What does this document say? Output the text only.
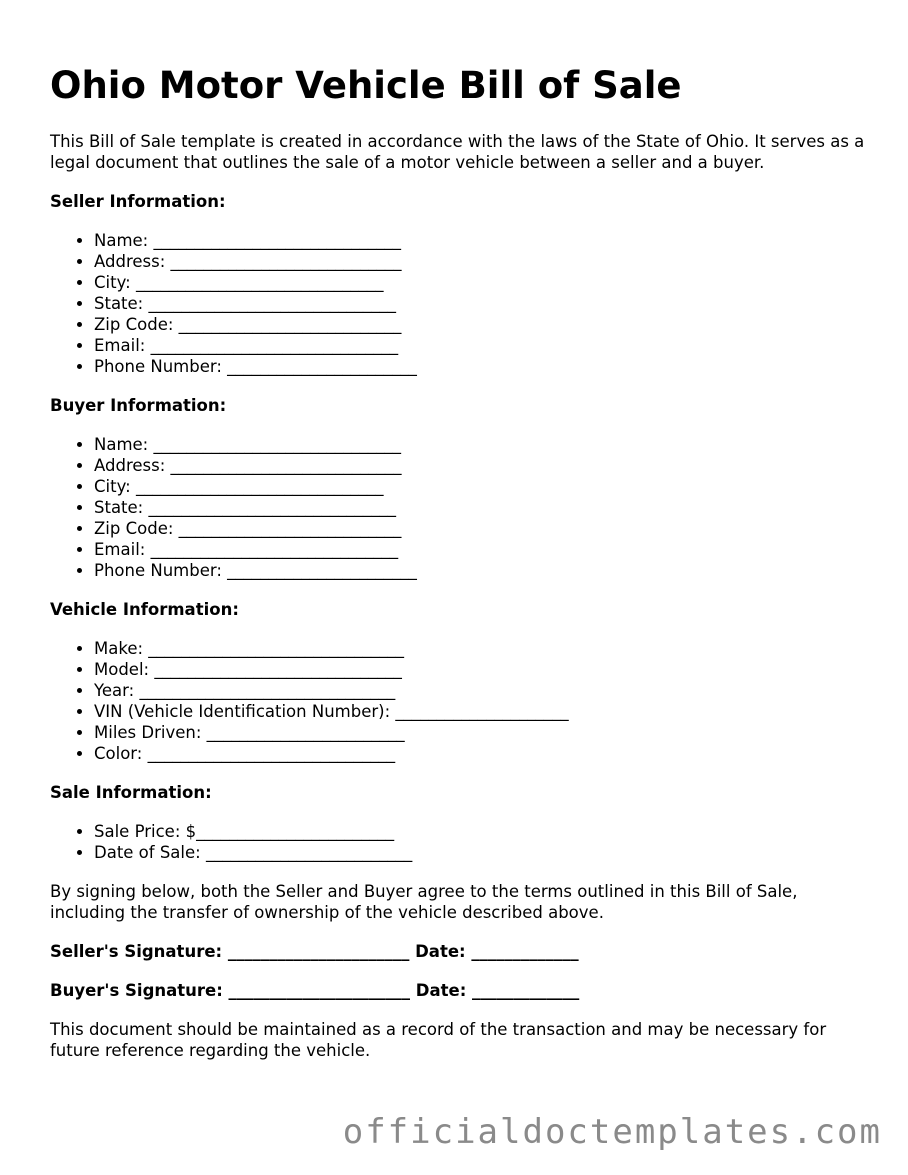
Ohio Motor Vehicle Bill of Sale

This Bill of Sale template is created in accordance with the laws of the State of Ohio. It serves as a legal document that outlines the sale of a motor vehicle between a seller and a buyer.

Seller Information:
• Name: ______________________________
• Address: ____________________________
• City: ______________________________
• State: ______________________________
• Zip Code: ___________________________
• Email: ______________________________
• Phone Number: _______________________
Buyer Information:
• Name: ______________________________
• Address: ____________________________
• City: ______________________________
• State: ______________________________
• Zip Code: ___________________________
• Email: ______________________________
• Phone Number: _______________________
Vehicle Information:
• Make: _______________________________
• Model: ______________________________
• Year: _______________________________
• VIN (Vehicle Identification Number): _____________________
• Miles Driven: ________________________
• Color: ______________________________
Sale Information:
• Sale Price: $________________________
• Date of Sale: _________________________

By signing below, both the Seller and Buyer agree to the terms outlined in this Bill of Sale, including the transfer of ownership of the vehicle described above.

Seller's Signature: ______________________ Date: _____________
Buyer's Signature: ______________________ Date: _____________

This document should be maintained as a record of the transaction and may be necessary for future reference regarding the vehicle.

officialdoctemplates.com
